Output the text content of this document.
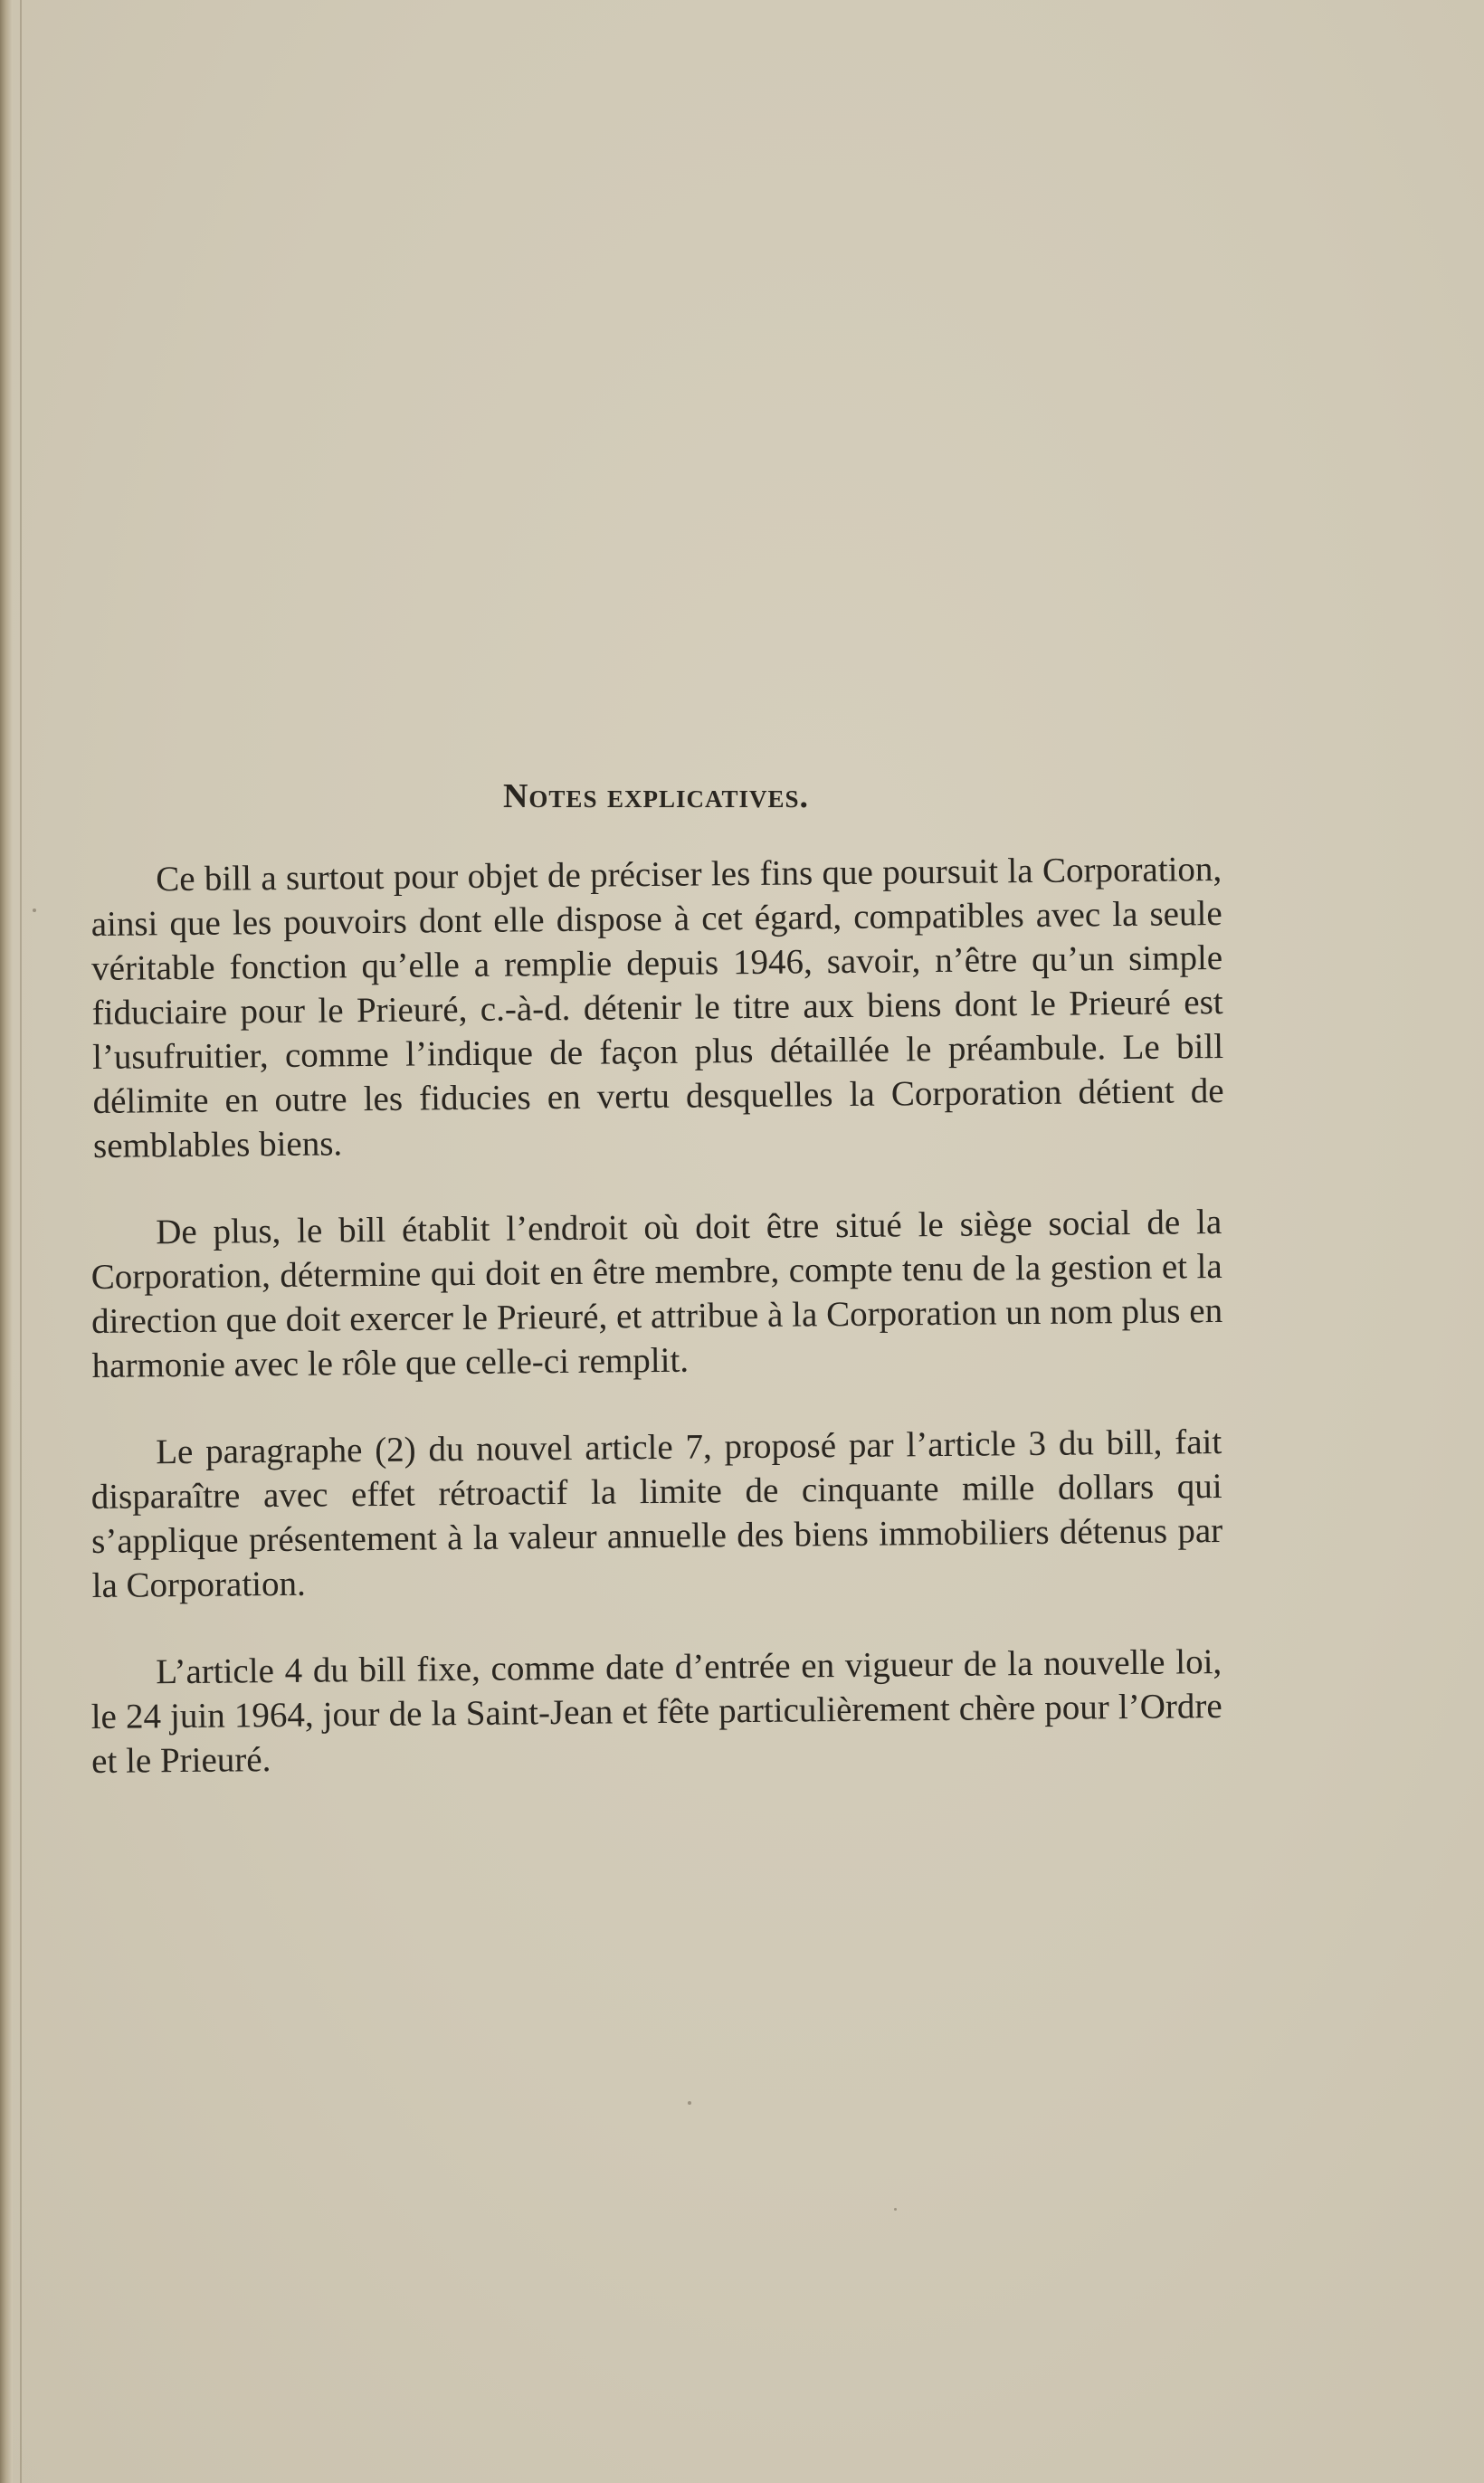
Notes explicatives.

Ce bill a surtout pour objet de préciser les fins que poursuit la Corporation, ainsi que les pouvoirs dont elle dispose à cet égard, compatibles avec la seule véritable fonction qu’elle a remplie depuis 1946, savoir, n’être qu’un simple fiduciaire pour le Prieuré, c.-à-d. détenir le titre aux biens dont le Prieuré est l’usufruitier, comme l’indique de façon plus détaillée le préambule. Le bill délimite en outre les fiducies en vertu desquelles la Corporation détient de semblables biens.

De plus, le bill établit l’endroit où doit être situé le siège social de la Corporation, détermine qui doit en être membre, compte tenu de la gestion et la direction que doit exercer le Prieuré, et attribue à la Corporation un nom plus en harmonie avec le rôle que celle-ci remplit.

Le paragraphe (2) du nouvel article 7, proposé par l’article 3 du bill, fait disparaître avec effet rétroactif la limite de cinquante mille dollars qui s’applique présentement à la valeur annuelle des biens immobiliers détenus par la Corporation.

L’article 4 du bill fixe, comme date d’entrée en vigueur de la nouvelle loi, le 24 juin 1964, jour de la Saint-Jean et fête particulièrement chère pour l’Ordre et le Prieuré.
